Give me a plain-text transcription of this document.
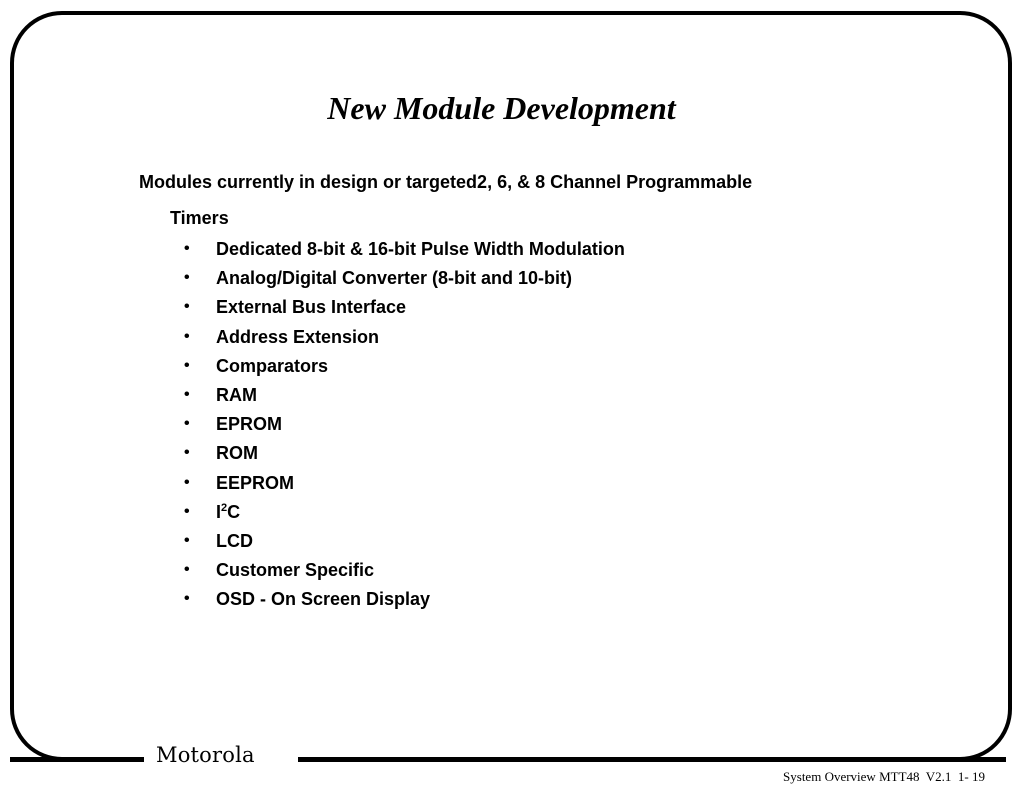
New Module Development

Modules currently in design or targeted2, 6, & 8 Channel Programmable

Timers

•	Dedicated 8-bit & 16-bit Pulse Width Modulation
•	Analog/Digital Converter (8-bit and 10-bit)
•	External Bus Interface
•	Address Extension
•	Comparators
•	RAM
•	EPROM
•	ROM
•	EEPROM
•	$I^2C$
•	LCD
•	Customer Specific
•	OSD - On Screen Display
Motorola
System Overview MTT48  V2.1  1- 19
